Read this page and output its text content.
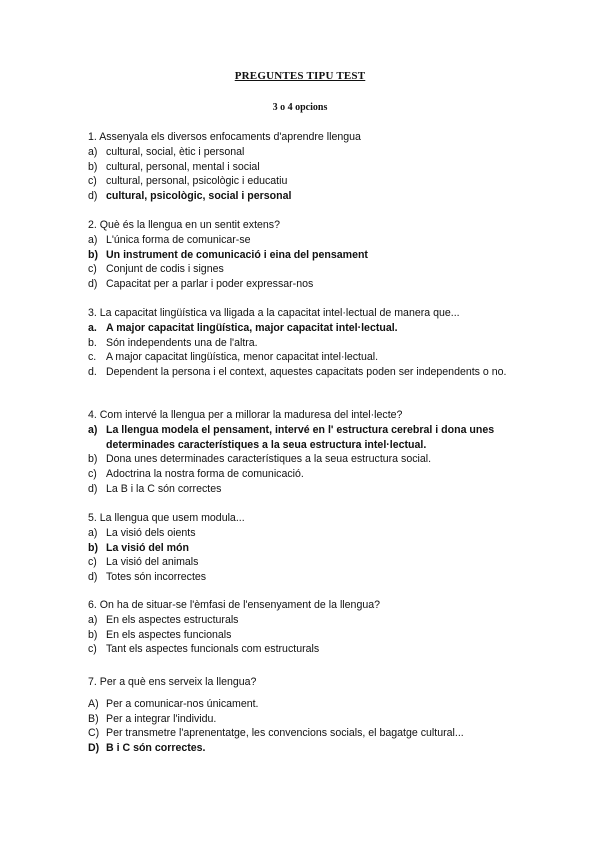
PREGUNTES TIPU TEST
3 o 4 opcions
1. Assenyala els diversos enfocaments d'aprendre llengua
a) cultural, social, ètic i personal
b) cultural, personal, mental i social
c) cultural, personal, psicològic i educatiu
d) cultural, psicològic, social i personal
2. Què és la llengua en un sentit extens?
a) L'única forma de comunicar-se
b) Un instrument de comunicació i eina del pensament
c) Conjunt de codis i signes
d) Capacitat per a parlar i poder expressar-nos
3. La capacitat lingüística va lligada a la capacitat intel·lectual de manera que...
a. A major capacitat lingüística, major capacitat intel·lectual.
b. Són independents una de l'altra.
c. A major capacitat lingüística, menor capacitat intel·lectual.
d. Dependent la persona i el context, aquestes capacitats poden ser independents o no.
4. Com intervé la llengua per a millorar la maduresa del intel·lecte?
a) La llengua modela el pensament, intervé en l' estructura cerebral i dona unes determinades característiques a la seua estructura intel·lectual.
b) Dona unes determinades característiques a la seua estructura social.
c) Adoctrina la nostra forma de comunicació.
d) La B i la C són correctes
5. La llengua que usem modula...
a) La visió dels oients
b) La visió del món
c) La visió del animals
d) Totes són incorrectes
6. On ha de situar-se l'èmfasi de l'ensenyament de la llengua?
a) En els aspectes estructurals
b) En els aspectes funcionals
c) Tant els aspectes funcionals com estructurals
7. Per a què ens serveix la llengua?
A) Per a comunicar-nos únicament.
B) Per a integrar l'individu.
C) Per transmetre l'aprenentatge, les convencions socials, el bagatge cultural...
D) B i C són correctes.
